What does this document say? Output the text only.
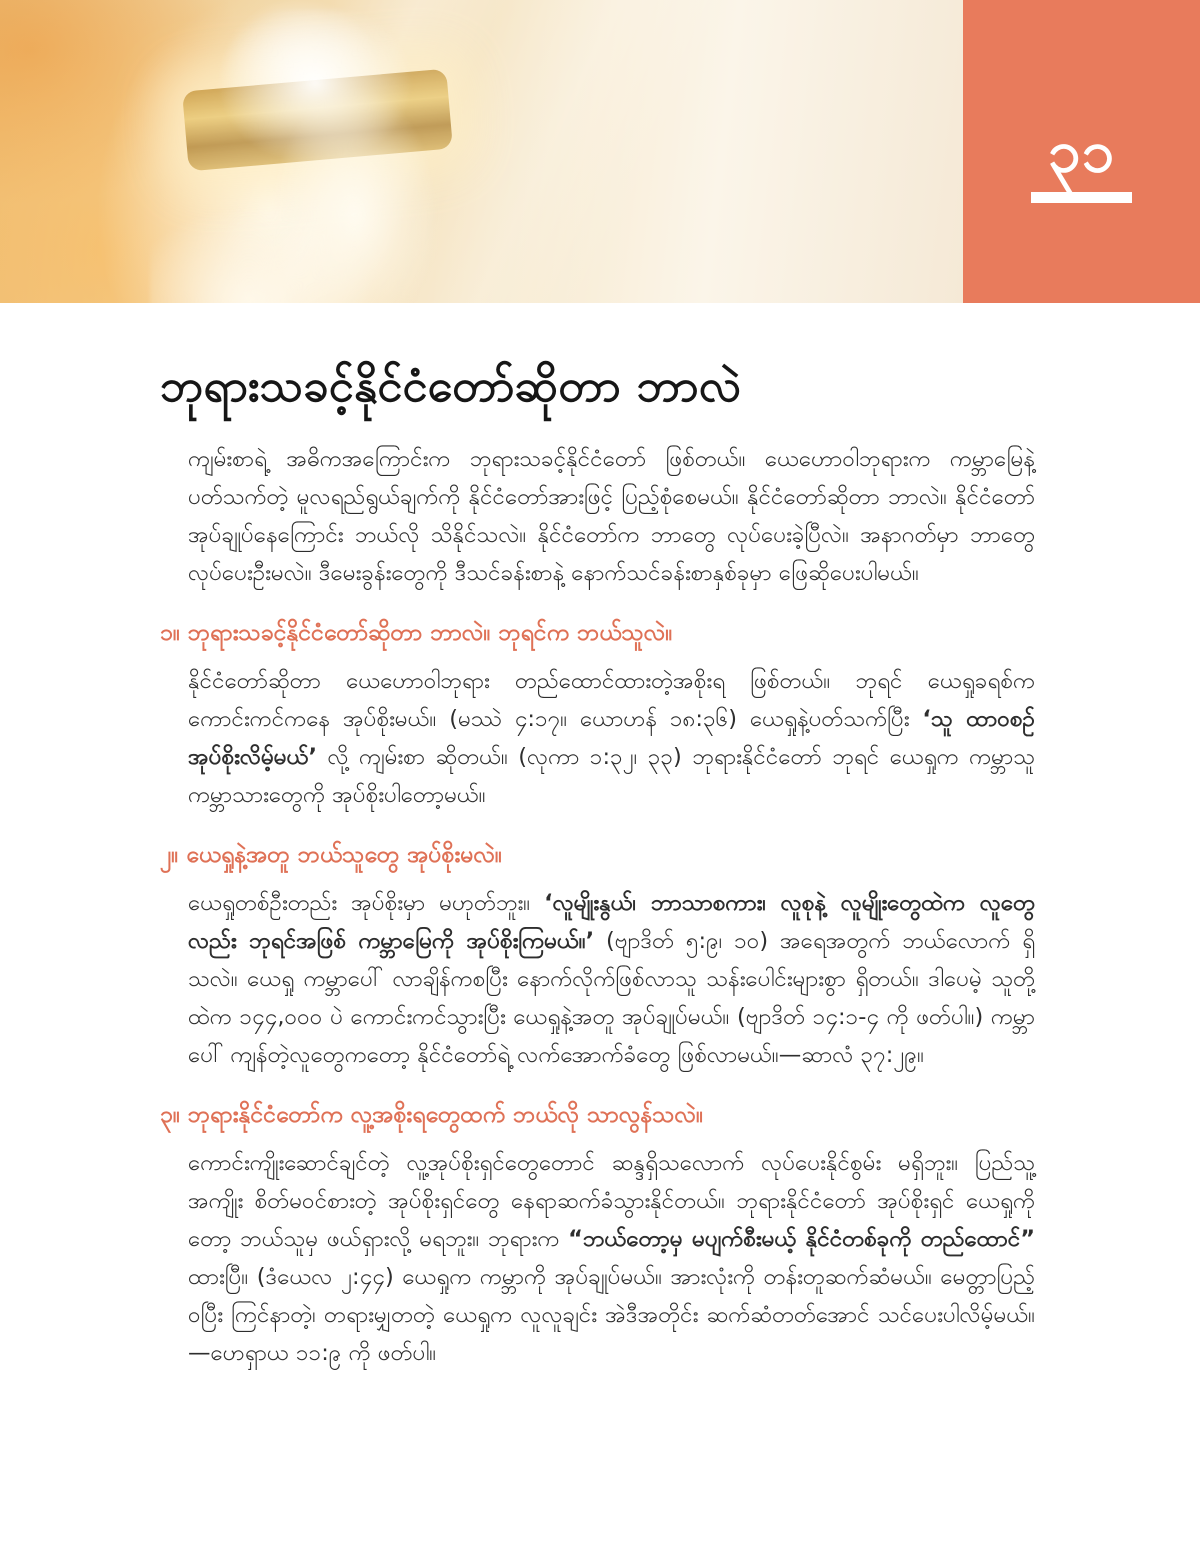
၃၁
ဘုရားသခင့်နိုင်ငံတော်ဆိုတာ ဘာလဲ

ကျမ်းစာရဲ့ အဓိကအကြောင်းက ဘုရားသခင့်နိုင်ငံတော် ဖြစ်တယ်။ ယေဟောဝါဘုရားက ကမ္ဘာမြေနဲ့ပတ်သက်တဲ့ မူလရည်ရွယ်ချက်ကို နိုင်ငံတော်အားဖြင့် ပြည့်စုံစေမယ်။ နိုင်ငံတော်ဆိုတာ ဘာလဲ။ နိုင်ငံတော် အုပ်ချုပ်နေကြောင်း ဘယ်လို သိနိုင်သလဲ။ နိုင်ငံတော်က ဘာတွေ လုပ်ပေးခဲ့ပြီလဲ။ အနာဂတ်မှာ ဘာတွေ လုပ်ပေးဦးမလဲ။ ဒီမေးခွန်းတွေကို ဒီသင်ခန်းစာနဲ့ နောက်သင်ခန်းစာနှစ်ခုမှာ ဖြေဆိုပေးပါမယ်။

၁။ ဘုရားသခင့်နိုင်ငံတော်ဆိုတာ ဘာလဲ။ ဘုရင်က ဘယ်သူလဲ။

နိုင်ငံတော်ဆိုတာ ယေဟောဝါဘုရား တည်ထောင်ထားတဲ့အစိုးရ ဖြစ်တယ်။ ဘုရင် ယေရှုခရစ်က ကောင်းကင်ကနေ အုပ်စိုးမယ်။ (မဿဲ ၄:၁၇။ ယောဟန် ၁၈:၃၆) ယေရှုနဲ့ပတ်သက်ပြီး ‘သူ ထာဝစဉ် အုပ်စိုးလိမ့်မယ်’ လို့ ကျမ်းစာ ဆိုတယ်။ (လုကာ ၁:၃၂၊ ၃၃) ဘုရားနိုင်ငံတော် ဘုရင် ယေရှုက ကမ္ဘာသူကမ္ဘာသားတွေကို အုပ်စိုးပါတော့မယ်။

၂။ ယေရှုနဲ့အတူ ဘယ်သူတွေ အုပ်စိုးမလဲ။

ယေရှုတစ်ဦးတည်း အုပ်စိုးမှာ မဟုတ်ဘူး။ ‘လူမျိုးနွယ်၊ ဘာသာစကား၊ လူစုနဲ့ လူမျိုးတွေထဲက လူတွေလည်း ဘုရင်အဖြစ် ကမ္ဘာမြေကို အုပ်စိုးကြမယ်။’ (ဗျာဒိတ် ၅:၉၊ ၁၀) အရေအတွက် ဘယ်လောက် ရှိသလဲ။ ယေရှု ကမ္ဘာပေါ် လာချိန်ကစပြီး နောက်လိုက်ဖြစ်လာသူ သန်းပေါင်းများစွာ ရှိတယ်။ ဒါပေမဲ့ သူတို့ထဲက ၁၄၄,၀၀၀ ပဲ ကောင်းကင်သွားပြီး ယေရှုနဲ့အတူ အုပ်ချုပ်မယ်။ (ဗျာဒိတ် ၁၄:၁-၄ ကို ဖတ်ပါ။) ကမ္ဘာပေါ် ကျန်တဲ့လူတွေကတော့ နိုင်ငံတော်ရဲ့ လက်အောက်ခံတွေ ဖြစ်လာမယ်။—ဆာလံ ၃၇:၂၉။

၃။ ဘုရားနိုင်ငံတော်က လူ့အစိုးရတွေထက် ဘယ်လို သာလွန်သလဲ။

ကောင်းကျိုးဆောင်ချင်တဲ့ လူ့အုပ်စိုးရှင်တွေတောင် ဆန္ဒရှိသလောက် လုပ်ပေးနိုင်စွမ်း မရှိဘူး။ ပြည်သူ့အကျိုး စိတ်မဝင်စားတဲ့ အုပ်စိုးရှင်တွေ နေရာဆက်ခံသွားနိုင်တယ်။ ဘုရားနိုင်ငံတော် အုပ်စိုးရှင် ယေရှုကိုတော့ ဘယ်သူမှ ဖယ်ရှားလို့ မရဘူး။ ဘုရားက “ဘယ်တော့မှ မပျက်စီးမယ့် နိုင်ငံတစ်ခုကို တည်ထောင်” ထားပြီ။ (ဒံယေလ ၂:၄၄) ယေရှုက ကမ္ဘာကို အုပ်ချုပ်မယ်။ အားလုံးကို တန်းတူဆက်ဆံမယ်။ မေတ္တာပြည့်ဝပြီး ကြင်နာတဲ့၊ တရားမျှတတဲ့ ယေရှုက လူလူချင်း အဲဒီအတိုင်း ဆက်ဆံတတ်အောင် သင်ပေးပါလိမ့်မယ်။—ဟေရှာယ ၁၁:၉ ကို ဖတ်ပါ။
